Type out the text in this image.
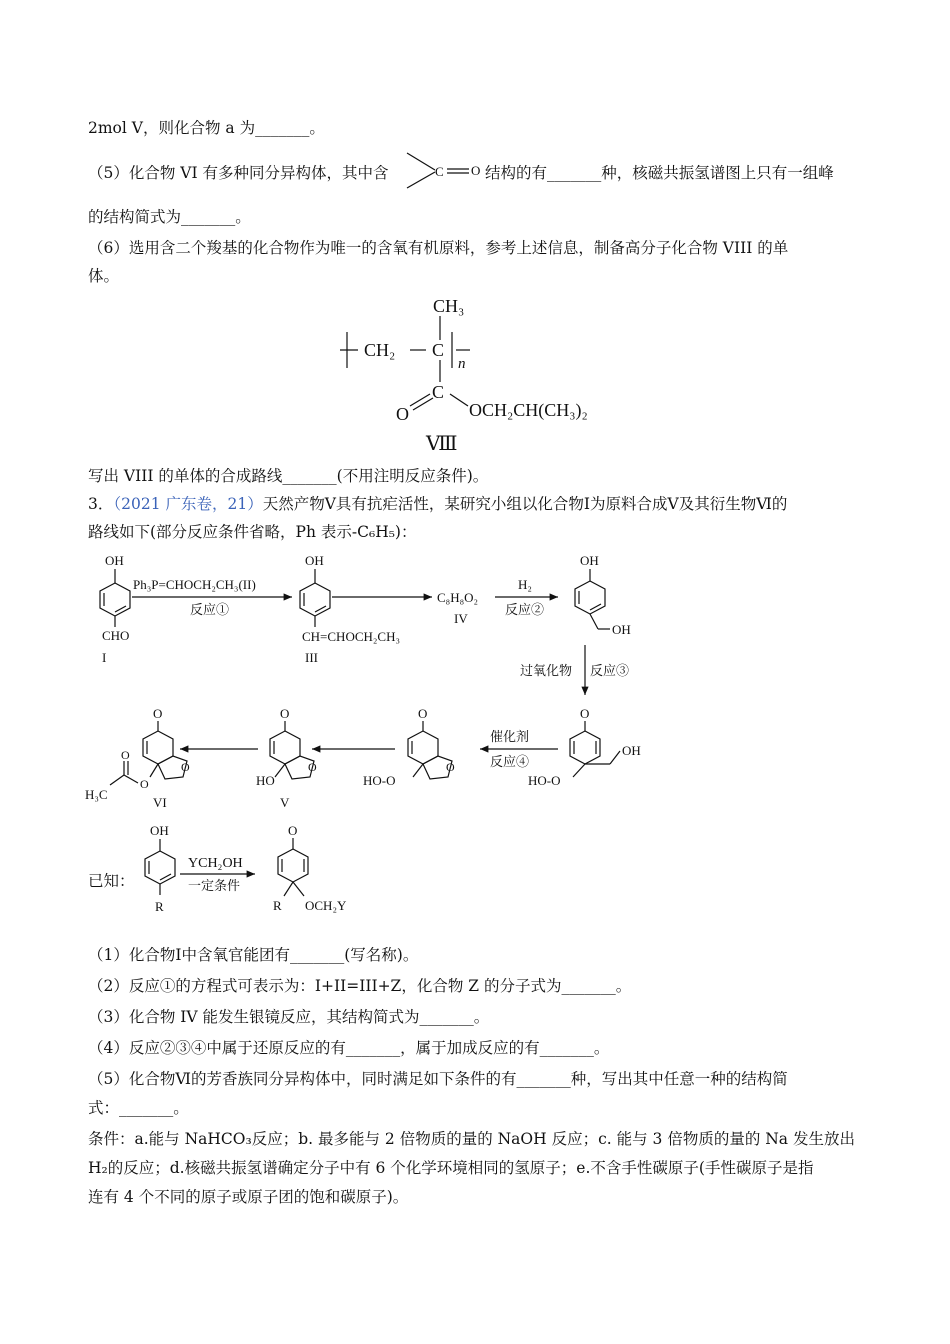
2mol V，则化合物 a 为_______。
（5）化合物 VI 有多种同分异构体，其中含	结构的有_______种，核磁共振氢谱图上只有一组峰
C O
的结构简式为_______。
（6）选用含二个羧基的化合物作为唯一的含氧有机原料，参考上述信息，制备高分子化合物 VIII 的单
体。
CH₃
CH₂ C
n
C
O	OCH₂CH(CH₃)₂
Ⅷ
写出 VIII 的单体的合成路线_______(不用注明反应条件)。
3．（2021 广东卷，21）天然产物Ⅴ具有抗疟活性，某研究小组以化合物Ⅰ为原料合成Ⅴ及其衍生物Ⅵ的
路线如下(部分反应条件省略，Ph 表示-C₆H₅)：
OH
CHO
I
Ph₃P=CHOCH₂CH₃(II)
反应①
OH
CH=CHOCH₂CH₃
III
C₈H₈O₂
IV
H₂
反应②
OH
OH
过氧化物 反应③
O
OH
HO-O
催化剂
反应④
O
O
HO-O
O
O
HO
V
O
O
O
O
H₃C
VI
OH
R
YCH₂OH
一定条件
O
R OCH₂Y
已知：
（1）化合物Ⅰ中含氧官能团有_______(写名称)。
（2）反应①的方程式可表示为：I+II=III+Z，化合物 Z 的分子式为_______。
（3）化合物 IV 能发生银镜反应，其结构简式为_______。
（4）反应②③④中属于还原反应的有_______，属于加成反应的有_______。
（5）化合物Ⅵ的芳香族同分异构体中，同时满足如下条件的有_______种，写出其中任意一种的结构简
式：_______。
条件：a.能与 NaHCO₃反应；b. 最多能与 2 倍物质的量的 NaOH 反应；c. 能与 3 倍物质的量的 Na 发生放出
H₂的反应；d.核磁共振氢谱确定分子中有 6 个化学环境相同的氢原子；e.不含手性碳原子(手性碳原子是指
连有 4 个不同的原子或原子团的饱和碳原子)。
